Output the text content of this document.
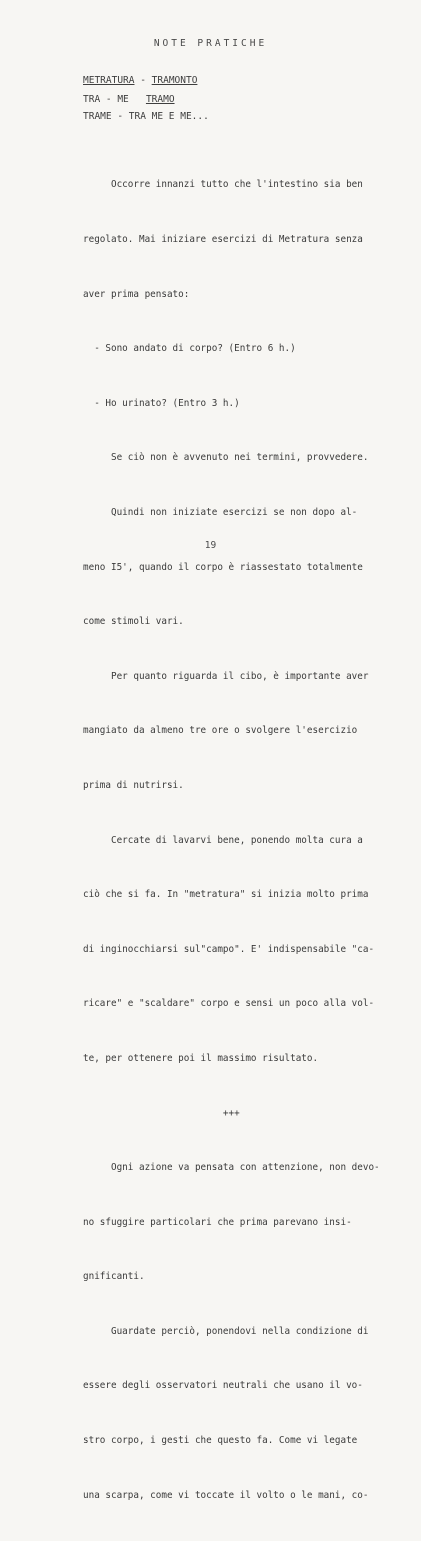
NOTE PRATICHE
METRATURA - TRAMONTO
TRA - ME TRAMO
TRAME - TRA ME E ME...

Occorre innanzi tutto che l'intestino sia ben

regolato. Mai iniziare esercizi di Metratura senza

aver prima pensato:

- Sono andato di corpo? (Entro 6 h.)

- Ho urinato? (Entro 3 h.)

Se ciò non è avvenuto nei termini, provvedere.

Quindi non iniziate esercizi se non dopo al-

meno I5', quando il corpo è riassestato totalmente

come stimoli vari.

Per quanto riguarda il cibo, è importante aver

mangiato da almeno tre ore o svolgere l'esercizio

prima di nutrirsi.

Cercate di lavarvi bene, ponendo molta cura a

ciò che si fa. In "metratura" si inizia molto prima

di inginocchiarsi sul"campo". E' indispensabile "ca-

ricare" e "scaldare" corpo e sensi un poco alla vol-

te, per ottenere poi il massimo risultato.

+++

Ogni azione va pensata con attenzione, non devo-

no sfuggire particolari che prima parevano insi-

gnificanti.

Guardate perciò, ponendovi nella condizione di

essere degli osservatori neutrali che usano il vo-

stro corpo, i gesti che questo fa. Come vi legate

una scarpa, come vi toccate il volto o le mani, co-

19
